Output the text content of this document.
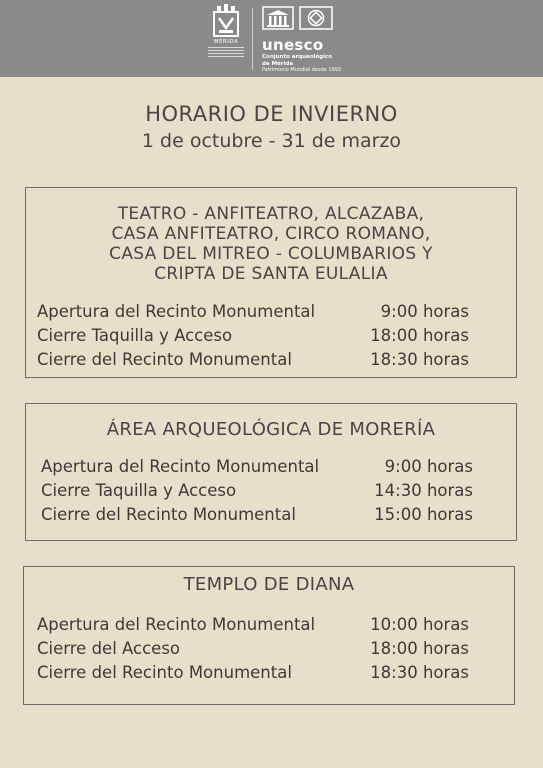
MÉRIDA	unesco
Conjunto arqueológico
de Mérida
Patrimonio Mundial desde 1993
HORARIO DE INVIERNO
1 de octubre - 31 de marzo
TEATRO - ANFITEATRO, ALCAZABA,
CASA ANFITEATRO, CIRCO ROMANO,
CASA DEL MITREO - COLUMBARIOS Y
CRIPTA DE SANTA EULALIA
Apertura del Recinto Monumental	9:00 horas
Cierre Taquilla y Acceso	18:00 horas
Cierre del Recinto Monumental	18:30 horas
ÁREA ARQUEOLÓGICA DE MORERÍA
Apertura del Recinto Monumental	9:00 horas
Cierre Taquilla y Acceso	14:30 horas
Cierre del Recinto Monumental	15:00 horas
TEMPLO DE DIANA
Apertura del Recinto Monumental	10:00 horas
Cierre del Acceso	18:00 horas
Cierre del Recinto Monumental	18:30 horas
